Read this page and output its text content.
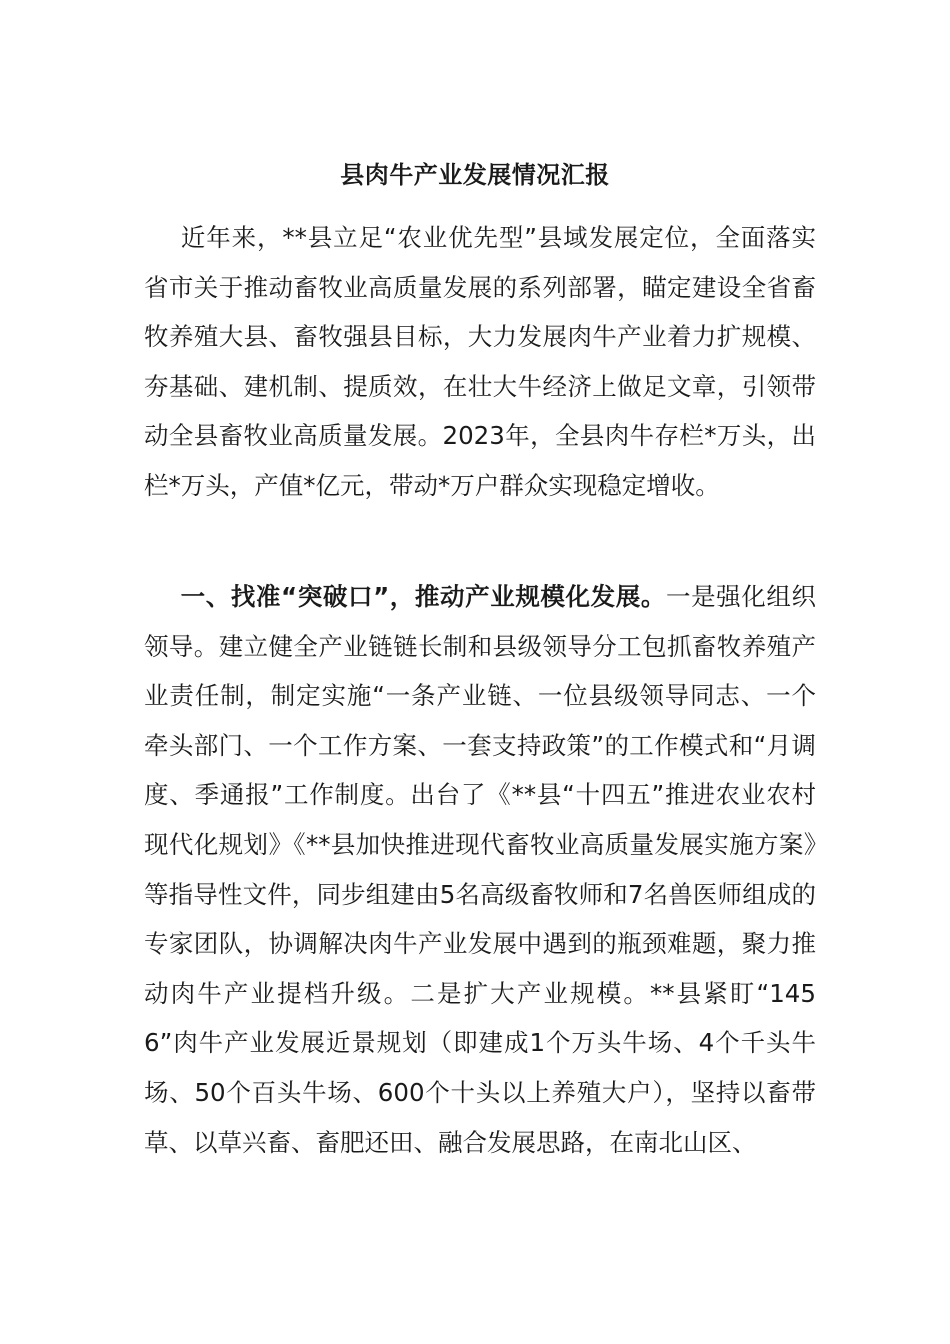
县肉牛产业发展情况汇报
近年来，**县立足“农业优先型”县域发展定位，全面落实省市关于推动畜牧业高质量发展的系列部署，瞄定建设全省畜牧养殖大县、畜牧强县目标，大力发展肉牛产业着力扩规模、夯基础、建机制、提质效，在壮大牛经济上做足文章，引领带动全县畜牧业高质量发展。2023年，全县肉牛存栏*万头，出栏*万头，产值*亿元，带动*万户群众实现稳定增收。
一、找准“突破口”，推动产业规模化发展。一是强化组织领导。建立健全产业链链长制和县级领导分工包抓畜牧养殖产业责任制，制定实施“一条产业链、一位县级领导同志、一个牵头部门、一个工作方案、一套支持政策”的工作模式和“月调度、季通报”工作制度。出台了《**县“十四五”推进农业农村现代化规划》《**县加快推进现代畜牧业高质量发展实施方案》等指导性文件，同步组建由5名高级畜牧师和7名兽医师组成的专家团队，协调解决肉牛产业发展中遇到的瓶颈难题，聚力推动肉牛产业提档升级。二是扩大产业规模。**县紧盯“1456”肉牛产业发展近景规划（即建成1个万头牛场、4个千头牛场、50个百头牛场、600个十头以上养殖大户），坚持以畜带草、以草兴畜、畜肥还田、融合发展思路，在南北山区、
